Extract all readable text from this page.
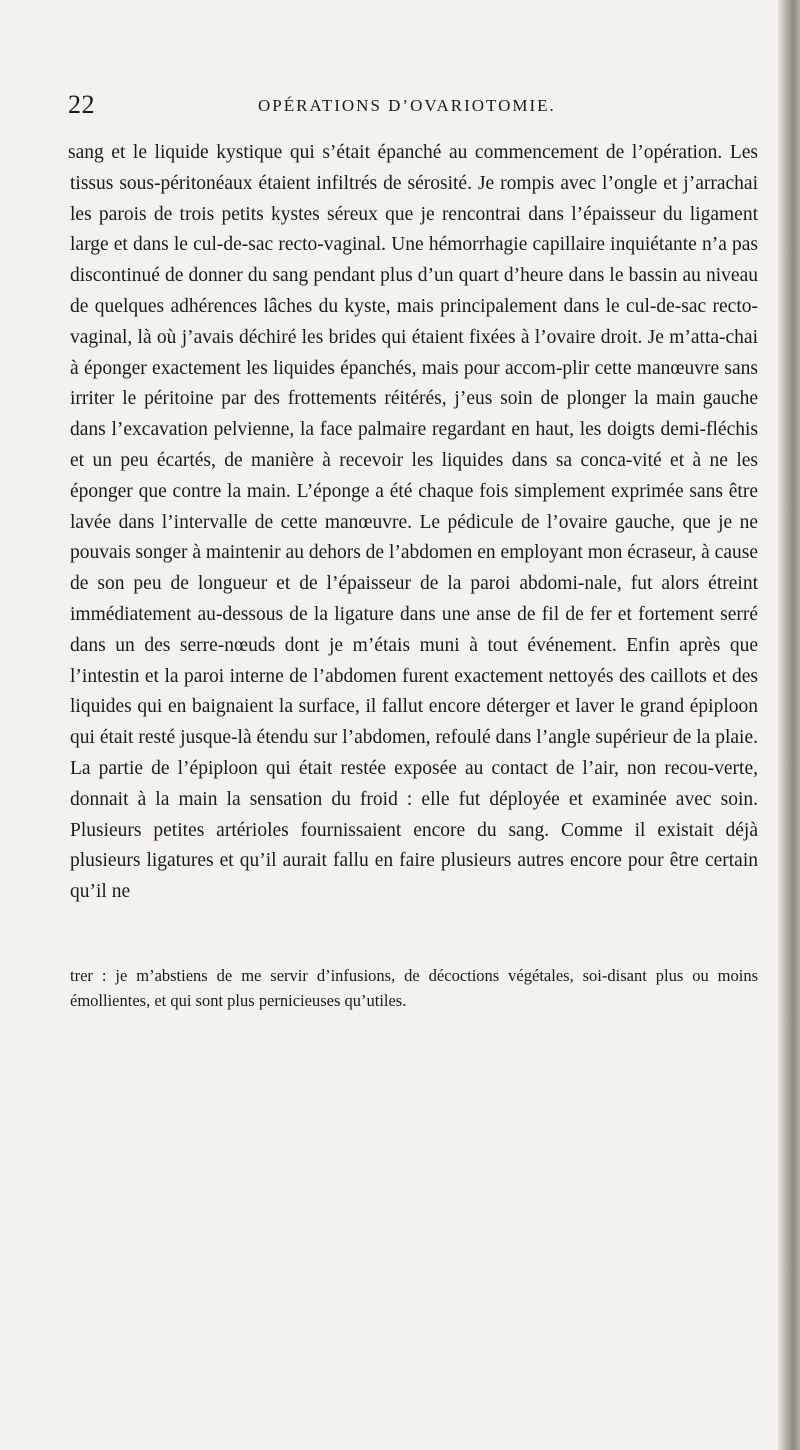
22	OPÉRATIONS D’OVARIOTOMIE.

sang et le liquide kystique qui s’était épanché au commencement de l’opération. Les tissus sous-péritonéaux étaient infiltrés de sérosité. Je rompis avec l’ongle et j’arrachai les parois de trois petits kystes séreux que je rencontrai dans l’épaisseur du ligament large et dans le cul-de-sac recto-vaginal. Une hémorrhagie capillaire inquiétante n’a pas discontinué de donner du sang pendant plus d’un quart d’heure dans le bassin au niveau de quelques adhérences lâches du kyste, mais principalement dans le cul-de-sac recto-vaginal, là où j’avais déchiré les brides qui étaient fixées à l’ovaire droit. Je m’atta-chai à éponger exactement les liquides épanchés, mais pour accom-plir cette manœuvre sans irriter le péritoine par des frottements réitérés, j’eus soin de plonger la main gauche dans l’excavation pelvienne, la face palmaire regardant en haut, les doigts demi-fléchis et un peu écartés, de manière à recevoir les liquides dans sa conca-vité et à ne les éponger que contre la main. L’éponge a été chaque fois simplement exprimée sans être lavée dans l’intervalle de cette manœuvre. Le pédicule de l’ovaire gauche, que je ne pouvais songer à maintenir au dehors de l’abdomen en employant mon écraseur, à cause de son peu de longueur et de l’épaisseur de la paroi abdomi-nale, fut alors étreint immédiatement au-dessous de la ligature dans une anse de fil de fer et fortement serré dans un des serre-nœuds dont je m’étais muni à tout événement. Enfin après que l’intestin et la paroi interne de l’abdomen furent exactement nettoyés des caillots et des liquides qui en baignaient la surface, il fallut encore déterger et laver le grand épiploon qui était resté jusque-là étendu sur l’abdomen, refoulé dans l’angle supérieur de la plaie. La partie de l’épiploon qui était restée exposée au contact de l’air, non recou-verte, donnait à la main la sensation du froid : elle fut déployée et examinée avec soin. Plusieurs petites artérioles fournissaient encore du sang. Comme il existait déjà plusieurs ligatures et qu’il aurait fallu en faire plusieurs autres encore pour être certain qu’il ne

trer : je m’abstiens de me servir d’infusions, de décoctions végétales, soi-disant plus ou moins émollientes, et qui sont plus pernicieuses qu’utiles.
